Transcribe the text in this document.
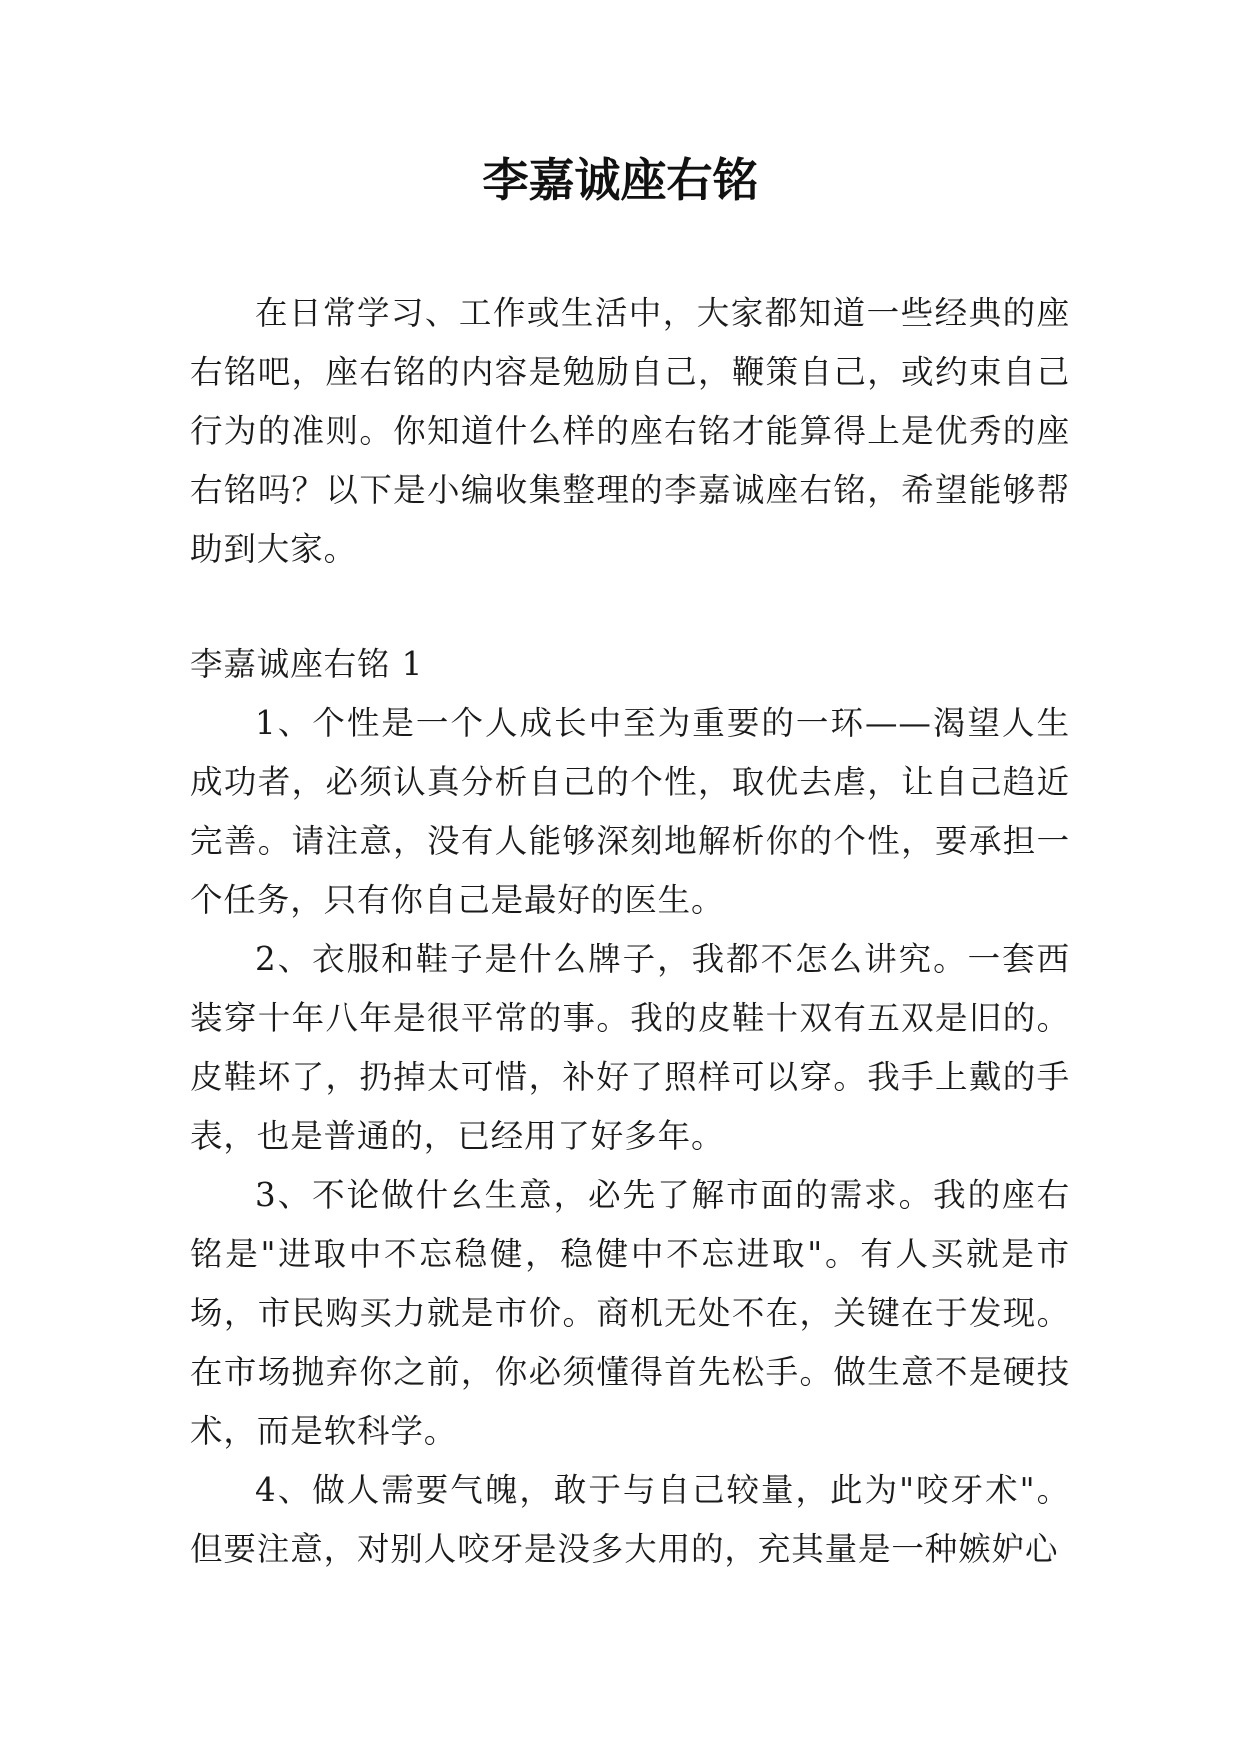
李嘉诚座右铭

在日常学习、工作或生活中，大家都知道一些经典的座右铭吧，座右铭的内容是勉励自己，鞭策自己，或约束自己行为的准则。你知道什么样的座右铭才能算得上是优秀的座右铭吗？以下是小编收集整理的李嘉诚座右铭，希望能够帮助到大家。

李嘉诚座右铭 1

1、个性是一个人成长中至为重要的一环——渴望人生成功者，必须认真分析自己的个性，取优去虐，让自己趋近完善。请注意，没有人能够深刻地解析你的个性，要承担一个任务，只有你自己是最好的医生。

2、衣服和鞋子是什么牌子，我都不怎么讲究。一套西装穿十年八年是很平常的事。我的皮鞋十双有五双是旧的。皮鞋坏了，扔掉太可惜，补好了照样可以穿。我手上戴的手表，也是普通的，已经用了好多年。

3、不论做什幺生意，必先了解市面的需求。我的座右铭是"进取中不忘稳健，稳健中不忘进取"。有人买就是市场，市民购买力就是市价。商机无处不在，关键在于发现。在市场抛弃你之前，你必须懂得首先松手。做生意不是硬技术，而是软科学。

4、做人需要气魄，敢于与自己较量，此为"咬牙术"。但要注意，对别人咬牙是没多大用的，充其量是一种嫉妒心
